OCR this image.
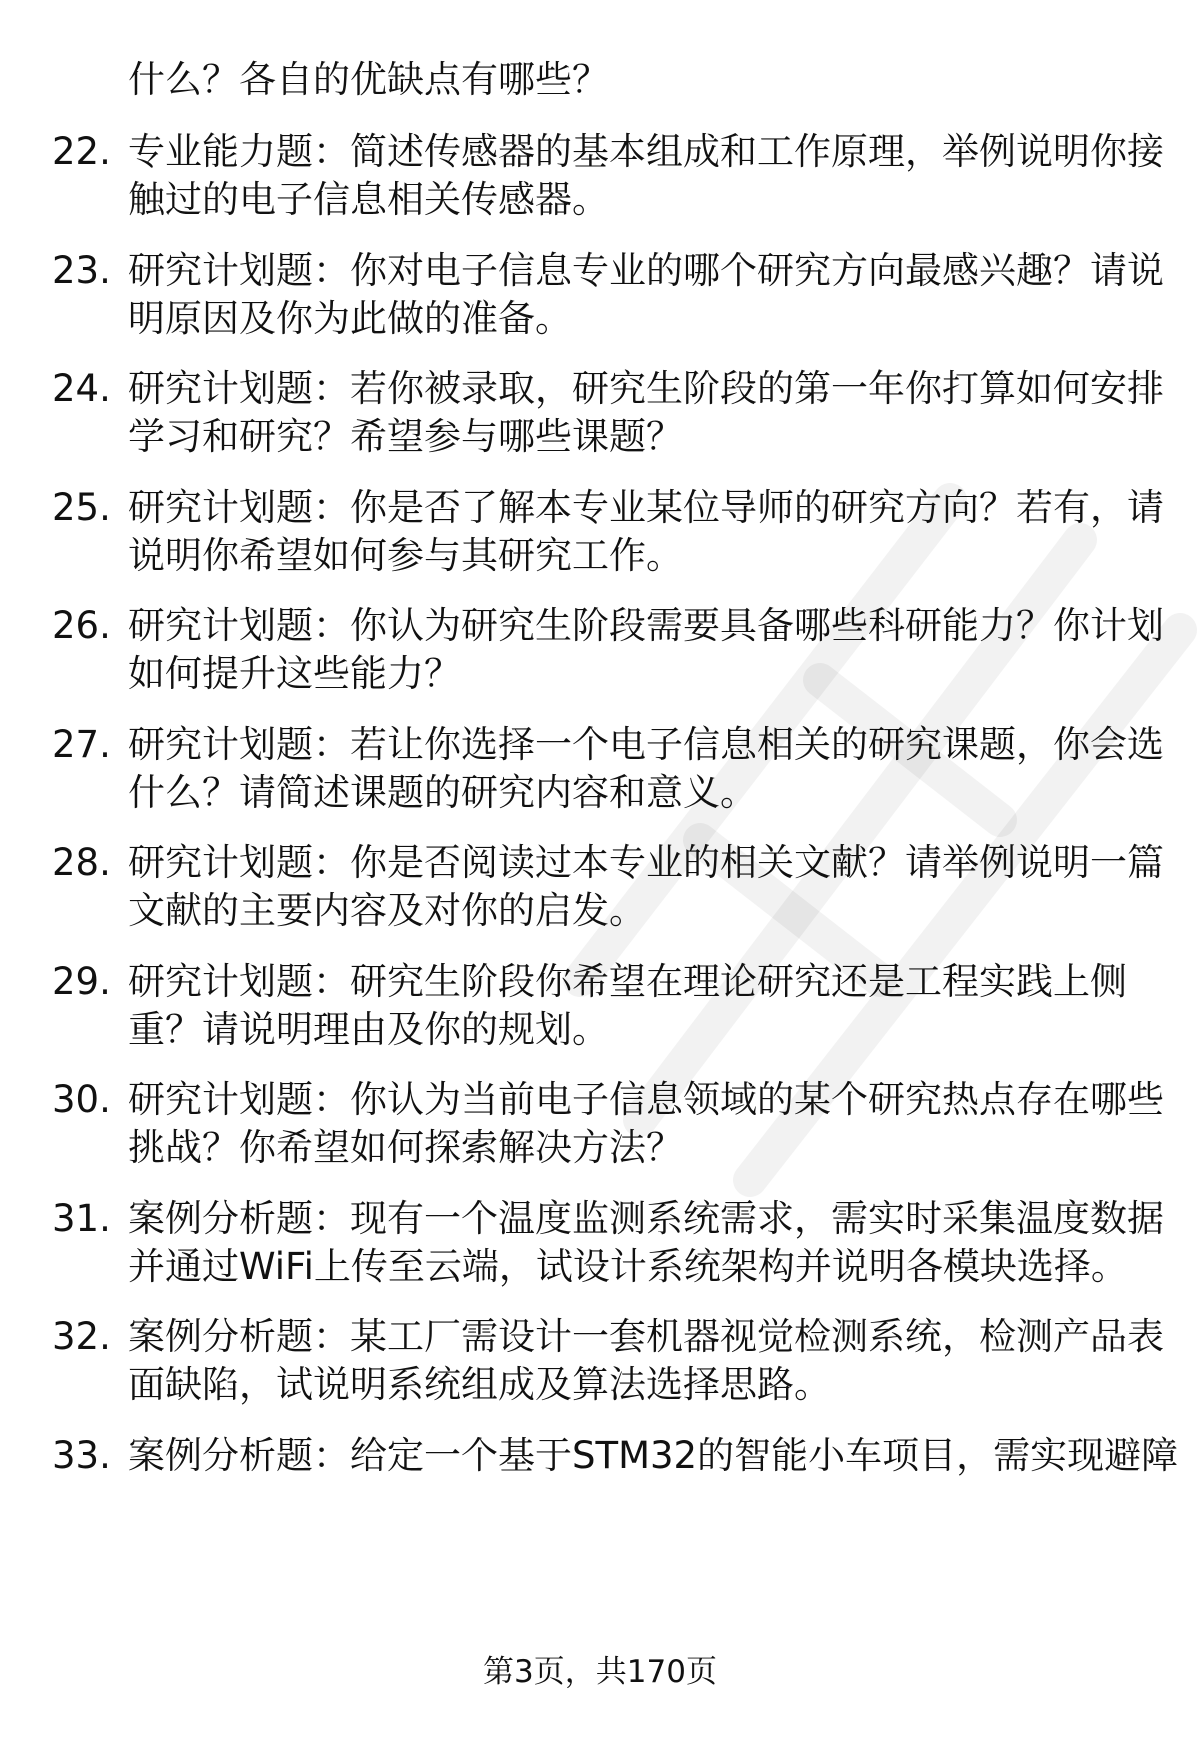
什么？各自的优缺点有哪些？
22. 专业能力题：简述传感器的基本组成和工作原理，举例说明你接
触过的电子信息相关传感器。
23. 研究计划题：你对电子信息专业的哪个研究方向最感兴趣？请说
明原因及你为此做的准备。
24. 研究计划题：若你被录取，研究生阶段的第一年你打算如何安排
学习和研究？希望参与哪些课题？
25. 研究计划题：你是否了解本专业某位导师的研究方向？若有，请
说明你希望如何参与其研究工作。
26. 研究计划题：你认为研究生阶段需要具备哪些科研能力？你计划
如何提升这些能力？
27. 研究计划题：若让你选择一个电子信息相关的研究课题，你会选
什么？请简述课题的研究内容和意义。
28. 研究计划题：你是否阅读过本专业的相关文献？请举例说明一篇
文献的主要内容及对你的启发。
29. 研究计划题：研究生阶段你希望在理论研究还是工程实践上侧
重？请说明理由及你的规划。
30. 研究计划题：你认为当前电子信息领域的某个研究热点存在哪些
挑战？你希望如何探索解决方法？
31. 案例分析题：现有一个温度监测系统需求，需实时采集温度数据
并通过WiFi上传至云端，试设计系统架构并说明各模块选择。
32. 案例分析题：某工厂需设计一套机器视觉检测系统，检测产品表
面缺陷，试说明系统组成及算法选择思路。
33. 案例分析题：给定一个基于STM32的智能小车项目，需实现避障
第3页，共170页
